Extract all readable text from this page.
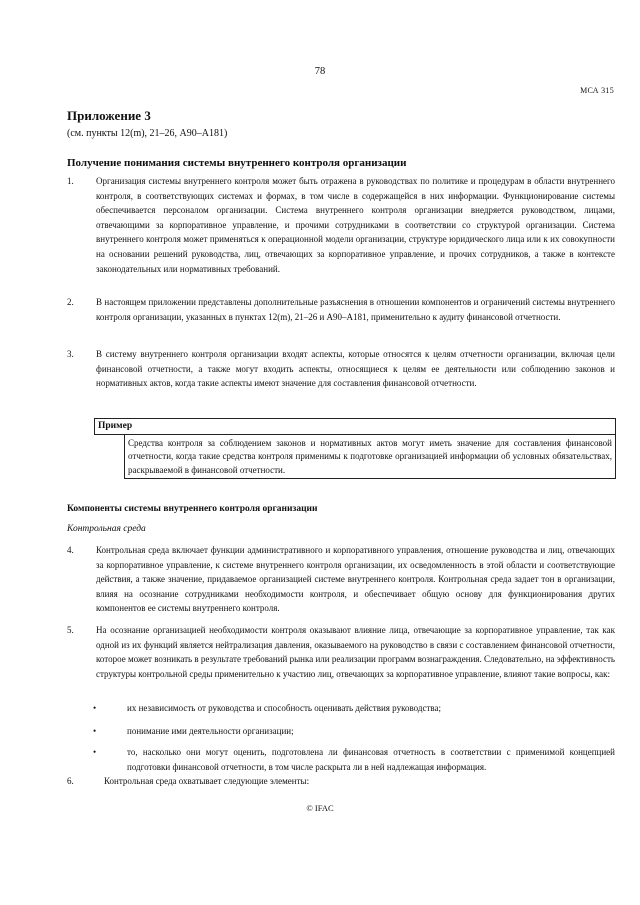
78
МСА 315
Приложение 3
(см. пункты 12(m), 21–26, А90–А181)
Получение понимания системы внутреннего контроля организации
1. Организация системы внутреннего контроля может быть отражена в руководствах по политике и процедурам в области внутреннего контроля, в соответствующих системах и формах, в том числе в содержащейся в них информации. Функционирование системы обеспечивается персоналом организации. Система внутреннего контроля организации внедряется руководством, лицами, отвечающими за корпоративное управление, и прочими сотрудниками в соответствии со структурой организации. Система внутреннего контроля может применяться к операционной модели организации, структуре юридического лица или к их совокупности на основании решений руководства, лиц, отвечающих за корпоративное управление, и прочих сотрудников, а также в контексте законодательных или нормативных требований.
2. В настоящем приложении представлены дополнительные разъяснения в отношении компонентов и ограничений системы внутреннего контроля организации, указанных в пунктах 12(m), 21–26 и А90–А181, применительно к аудиту финансовой отчетности.
3. В систему внутреннего контроля организации входят аспекты, которые относятся к целям отчетности организации, включая цели финансовой отчетности, а также могут входить аспекты, относящиеся к целям ее деятельности или соблюдению законов и нормативных актов, когда такие аспекты имеют значение для составления финансовой отчетности.
Пример
Средства контроля за соблюдением законов и нормативных актов могут иметь значение для составления финансовой отчетности, когда такие средства контроля применимы к подготовке организацией информации об условных обязательствах, раскрываемой в финансовой отчетности.
Компоненты системы внутреннего контроля организации
Контрольная среда
4. Контрольная среда включает функции административного и корпоративного управления, отношение руководства и лиц, отвечающих за корпоративное управление, к системе внутреннего контроля организации, их осведомленность в этой области и соответствующие действия, а также значение, придаваемое организацией системе внутреннего контроля. Контрольная среда задает тон в организации, влияя на осознание сотрудниками необходимости контроля, и обеспечивает общую основу для функционирования других компонентов ее системы внутреннего контроля.
5. На осознание организацией необходимости контроля оказывают влияние лица, отвечающие за корпоративное управление, так как одной из их функций является нейтрализация давления, оказываемого на руководство в связи с составлением финансовой отчетности, которое может возникать в результате требований рынка или реализации программ вознаграждения. Следовательно, на эффективность структуры контрольной среды применительно к участию лиц, отвечающих за корпоративное управление, влияют такие вопросы, как:
•	их независимость от руководства и способность оценивать действия руководства;
•	понимание ими деятельности организации;
•	то, насколько они могут оценить, подготовлена ли финансовая отчетность в соответствии с применимой концепцией подготовки финансовой отчетности, в том числе раскрыта ли в ней надлежащая информация.
6.	Контрольная среда охватывает следующие элементы:
© IFAC
